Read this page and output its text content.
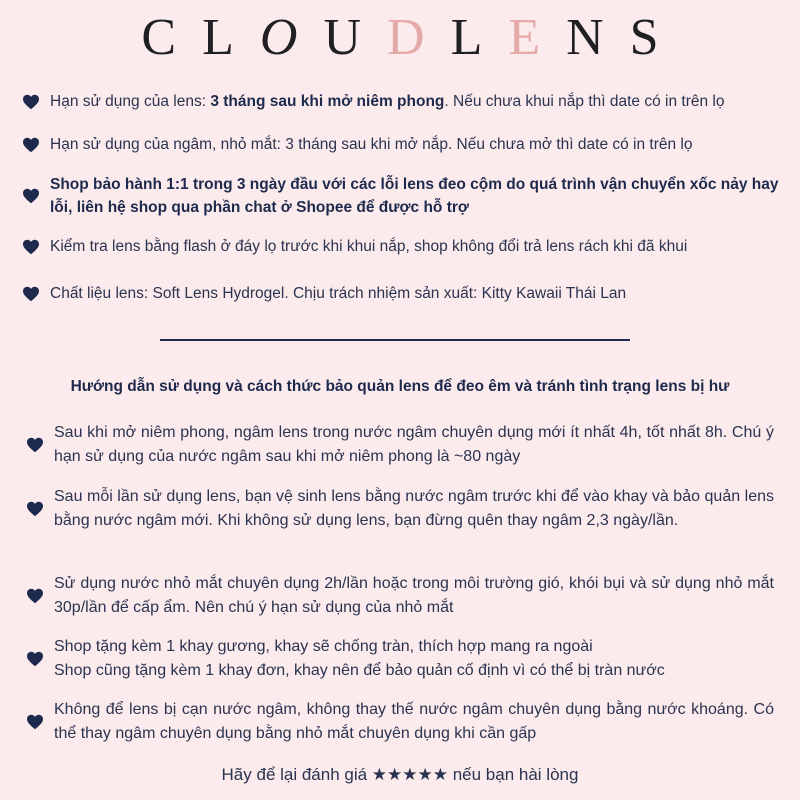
CLOUDLENS
Hạn sử dụng của lens: 3 tháng sau khi mở niêm phong. Nếu chưa khui nắp thì date có in trên lọ
Hạn sử dụng của ngâm, nhỏ mắt: 3 tháng sau khi mở nắp. Nếu chưa mở thì date có in trên lọ
Shop bảo hành 1:1 trong 3 ngày đầu với các lỗi lens đeo cộm do quá trình vận chuyển xốc nảy hay lỗi, liên hệ shop qua phần chat ở Shopee để được hỗ trợ
Kiểm tra lens bằng flash ở đáy lọ trước khi khui nắp, shop không đổi trả lens rách khi đã khui
Chất liệu lens: Soft Lens Hydrogel. Chịu trách nhiệm sản xuất: Kitty Kawaii Thái Lan
Hướng dẫn sử dụng và cách thức bảo quản lens để đeo êm và tránh tình trạng lens bị hư
Sau khi mở niêm phong, ngâm lens trong nước ngâm chuyên dụng mới ít nhất 4h, tốt nhất 8h. Chú ý hạn sử dụng của nước ngâm sau khi mở niêm phong là ~80 ngày
Sau mỗi lần sử dụng lens, bạn vệ sinh lens bằng nước ngâm trước khi để vào khay và bảo quản lens bằng nước ngâm mới. Khi không sử dụng lens, bạn đừng quên thay ngâm 2,3 ngày/lần.
Sử dụng nước nhỏ mắt chuyên dụng 2h/lần hoặc trong môi trường gió, khói bụi và sử dụng nhỏ mắt 30p/lần để cấp ẩm. Nên chú ý hạn sử dụng của nhỏ mắt
Shop tặng kèm 1 khay gương, khay sẽ chống tràn, thích hợp mang ra ngoài
Shop cũng tặng kèm 1 khay đơn, khay nên để bảo quản cố định vì có thể bị tràn nước
Không để lens bị cạn nước ngâm, không thay thế nước ngâm chuyên dụng bằng nước khoáng. Có thể thay ngâm chuyên dụng bằng nhỏ mắt chuyên dụng khi cần gấp
Hãy để lại đánh giá ★★★★★ nếu bạn hài lòng
